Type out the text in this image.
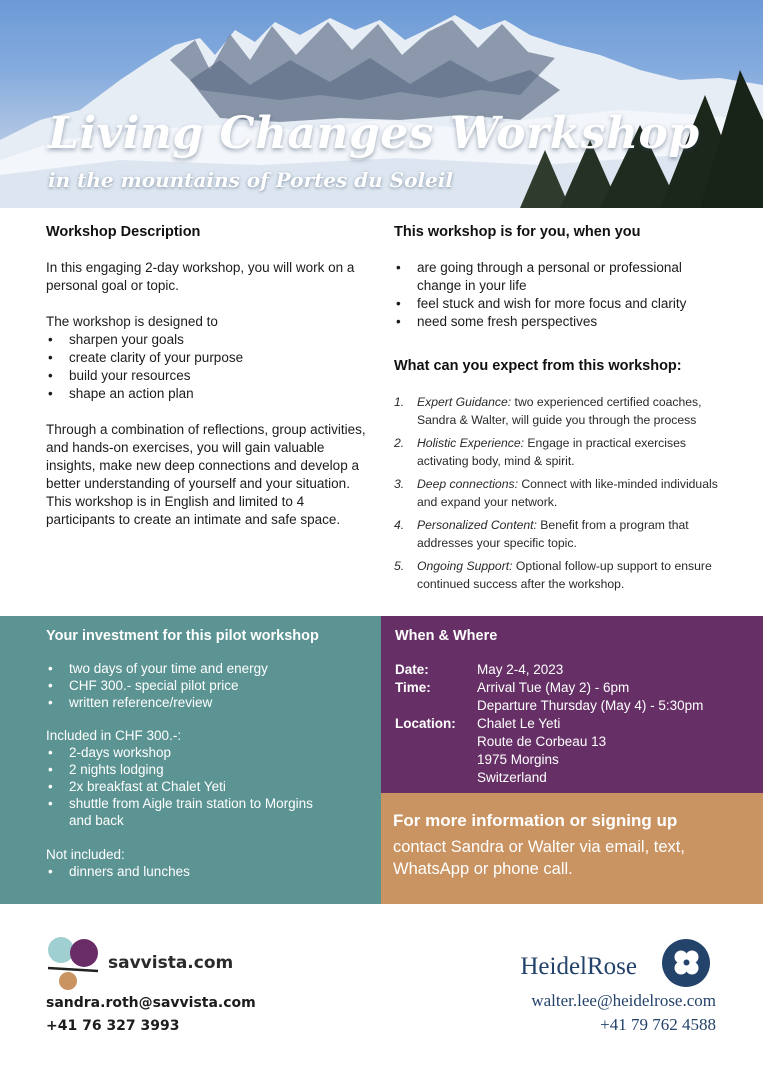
Living Changes Workshop
in the mountains of Portes du Soleil
Workshop Description

In this engaging 2-day workshop, you will work on a personal goal or topic.

The workshop is designed to

• sharpen your goals
• create clarity of your purpose
• build your resources
• shape an action plan

Through a combination of reflections, group activities, and hands-on exercises, you will gain valuable insights, make new deep connections and develop a better understanding of yourself and your situation. This workshop is in English and limited to 4 participants to create an intimate and safe space.

This workshop is for you, when you
• are going through a personal or professional change in your life
• feel stuck and wish for more focus and clarity
• need some fresh perspectives
What can you expect from this workshop:
1. Expert Guidance: two experienced certified coaches, Sandra & Walter, will guide you through the process
2. Holistic Experience: Engage in practical exercises activating body, mind & spirit.
3. Deep connections: Connect with like-minded individuals and expand your network.
4. Personalized Content: Benefit from a program that addresses your specific topic.
5. Ongoing Support: Optional follow-up support to ensure continued success after the workshop.
Your investment for this pilot workshop
• two days of your time and energy
• CHF 300.- special pilot price
• written reference/review

Included in CHF 300.-:

• 2-days workshop
• 2 nights lodging
• 2x breakfast at Chalet Yeti
• shuttle from Aigle train station to Morgins and back

Not included:

• dinners and lunches
When & Where
Date:	May 2-4, 2023
Time:	Arrival Tue (May 2) - 6pm
Departure Thursday (May 4) - 5:30pm
Location:	Chalet Le Yeti
Route de Corbeau 13
1975 Morgins
Switzerland
For more information or signing up
contact Sandra or Walter via email, text, WhatsApp or phone call.
savvista.com
sandra.roth@savvista.com
+41 76 327 3993
HeidelRose
walter.lee@heidelrose.com
+41 79 762 4588
